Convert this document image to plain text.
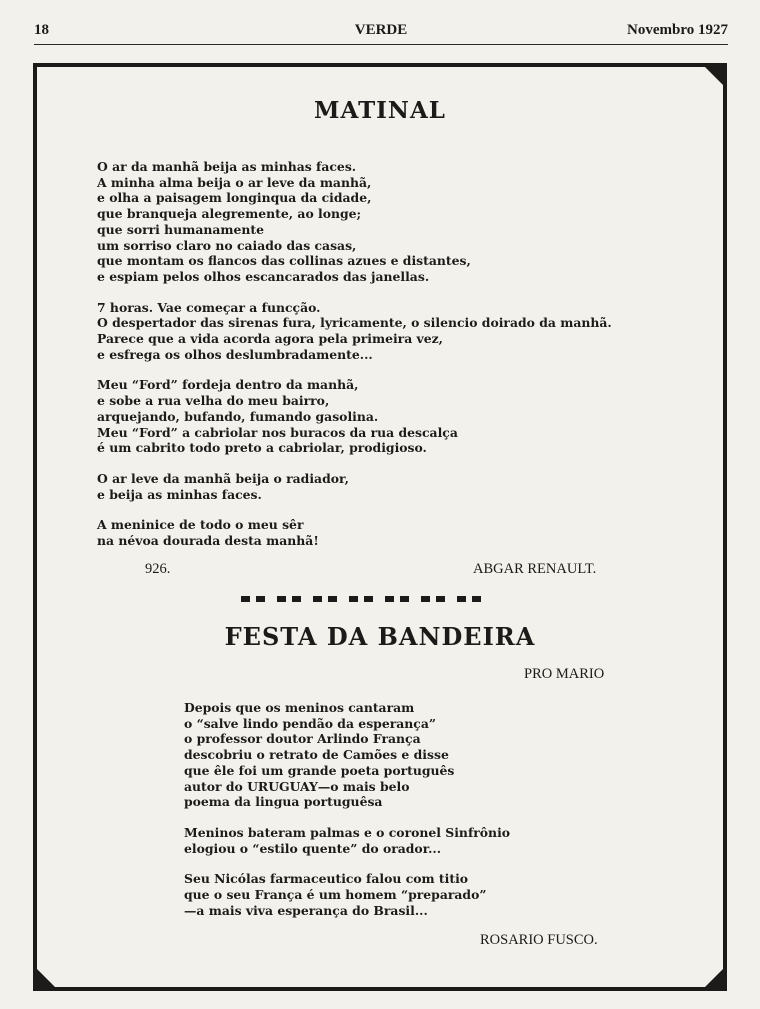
18	VERDE	Novembro 1927
MATINAL
O ar da manhã beija as minhas faces.
A minha alma beija o ar leve da manhã,
e olha a paisagem longinqua da cidade,
que branqueja alegremente, ao longe;
que sorri humanamente
um sorriso claro no caiado das casas,
que montam os flancos das collinas azues e distantes,
e espiam pelos olhos escancarados das janellas.
7 horas. Vae começar a funcção.
O despertador das sirenas fura, lyricamente, o silencio doirado da manhã.
Parece que a vida acorda agora pela primeira vez,
e esfrega os olhos deslumbradamente...
Meu “Ford” fordeja dentro da manhã,
e sobe a rua velha do meu bairro,
arquejando, bufando, fumando gasolina.
Meu “Ford” a cabriolar nos buracos da rua descalça
é um cabrito todo preto a cabriolar, prodigioso.
O ar leve da manhã beija o radiador,
e beija as minhas faces.
A meninice de todo o meu sêr
na névoa dourada desta manhã!
926.	ABGAR RENAULT.
FESTA DA BANDEIRA
PRO MARIO
Depois que os meninos cantaram
o “salve lindo pendão da esperança”
o professor doutor Arlindo França
descobriu o retrato de Camões e disse
que êle foi um grande poeta português
autor do URUGUAY—o mais belo
poema da lingua portuguêsa
Meninos bateram palmas e o coronel Sinfrônio
elogiou o “estilo quente” do orador...
Seu Nicólas farmaceutico falou com titio
que o seu França é um homem “preparado”
—a mais viva esperança do Brasil...
ROSARIO FUSCO.
